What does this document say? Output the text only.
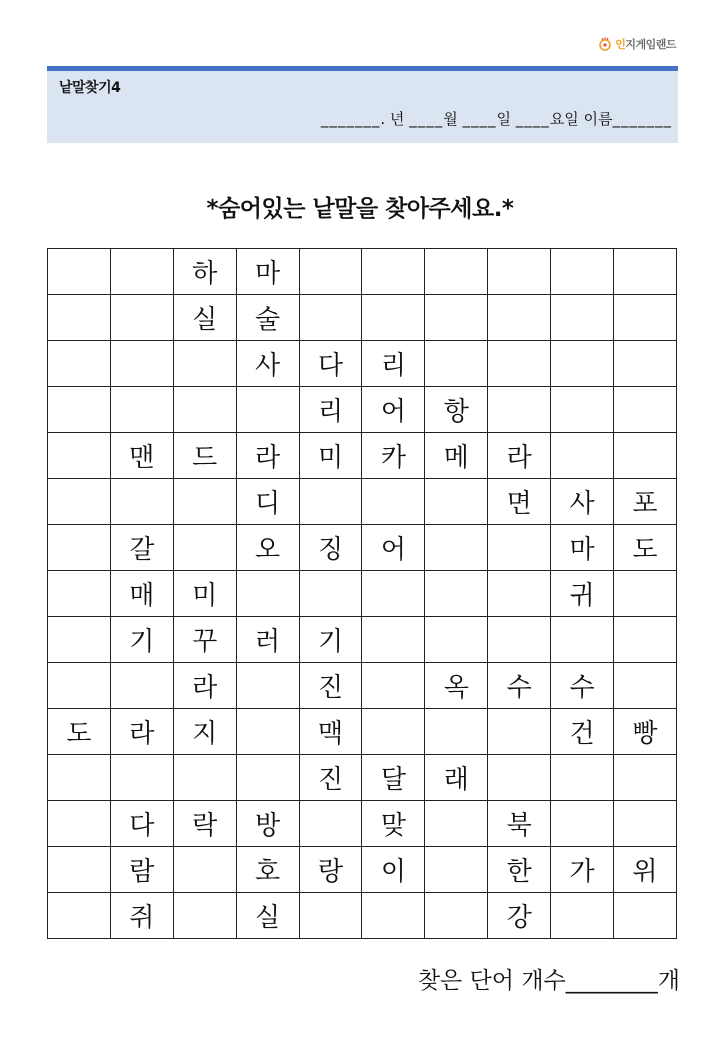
인지게임랜드
낱말찾기4
_______. 년 ____월 ____일 ____요일 이름_______
*숨어있는 낱말을 찾아주세요.*
		하	마						
		실	술						
			사	다	리				
				리	어	항			
	맨	드	라	미	카	메	라		
			디				면	사	포
	갈		오	징	어			마	도
	매	미						귀	
	기	꾸	러	기					
		라		진		옥	수	수	
도	라	지		맥				건	빵
				진	달	래			
	다	락	방		맞		북		
	람		호	랑	이		한	가	위
	쥐		실				강		
찾은 단어 개수________개
